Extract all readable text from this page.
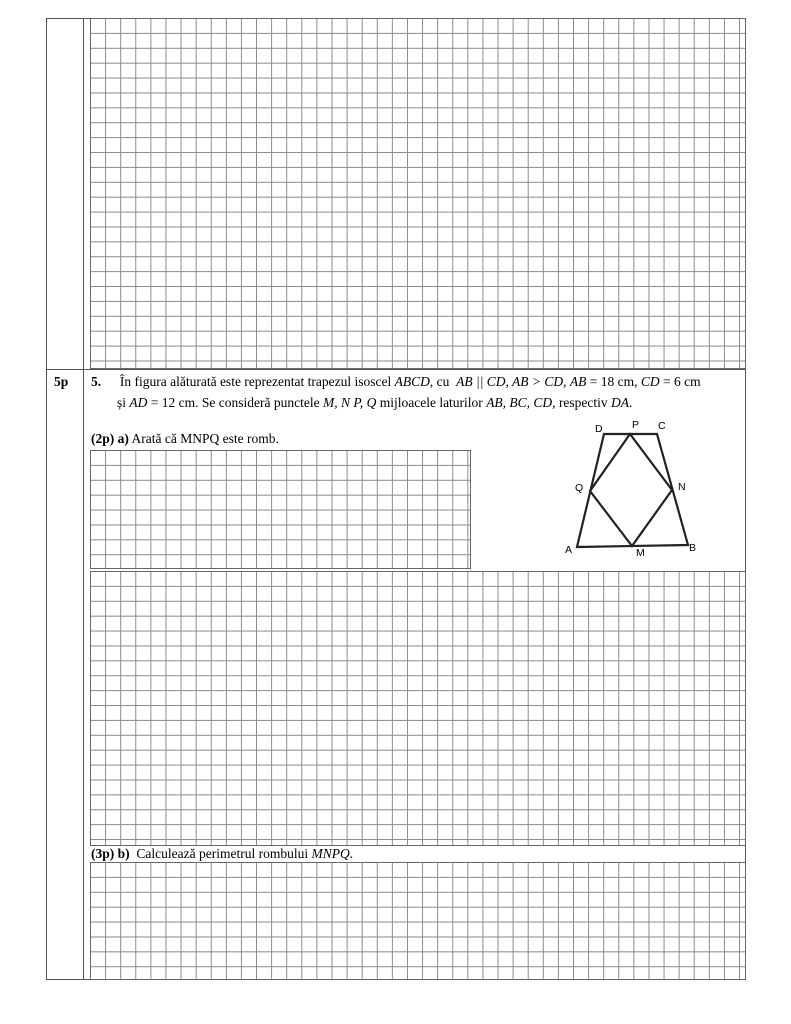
5p 5. În figura alăturată este reprezentat trapezul isoscel ABCD, cu AB || CD, AB > CD, AB = 18 cm, CD = 6 cm
și AD = 12 cm. Se consideră punctele M, N P, Q mijloacele laturilor AB, BC, CD, respectiv DA.
(2p) a) Arată că MNPQ este romb.
D	P C
Q	N
A	M	B
(3p) b) Calculează perimetrul rombului MNPQ.
